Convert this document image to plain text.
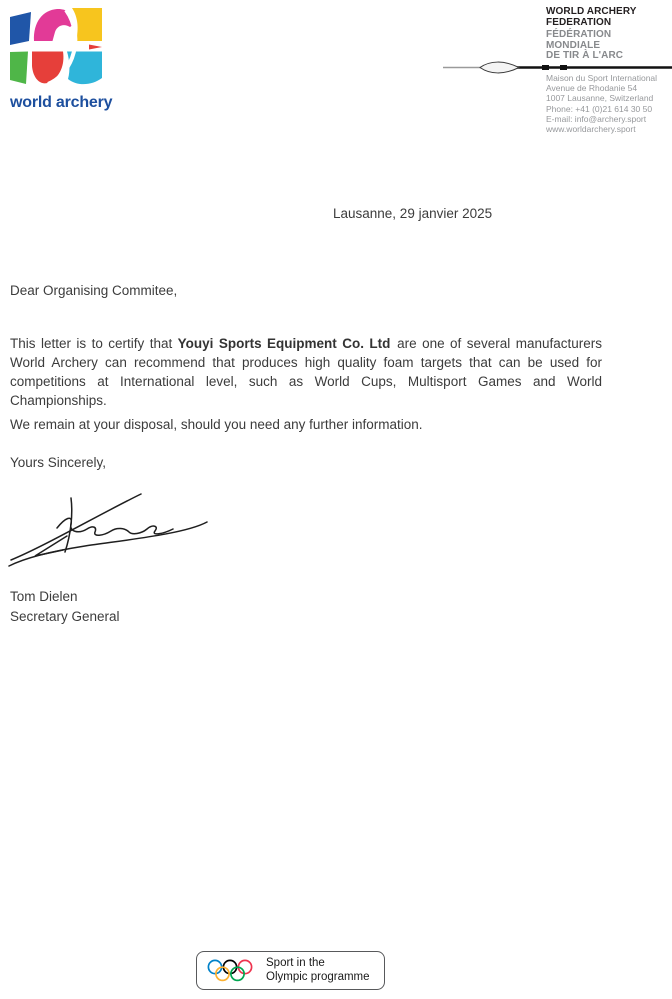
world archery
WORLD ARCHERY
FEDERATION
FÉDÉRATION
MONDIALE
DE TIR À L'ARC
Maison du Sport International
Avenue de Rhodanie 54
1007 Lausanne, Switzerland
Phone: +41 (0)21 614 30 50
E-mail: info@archery.sport
www.worldarchery.sport
Lausanne, 29 janvier 2025
Dear Organising Commitee,

This letter is to certify that Youyi Sports Equipment Co. Ltd are one of several manufacturers World Archery can recommend that produces high quality foam targets that can be used for competitions at International level, such as World Cups, Multisport Games and World Championships.

We remain at your disposal, should you need any further information.
Yours Sincerely,
Tom Dielen
Secretary General
Sport in the
Olympic programme
